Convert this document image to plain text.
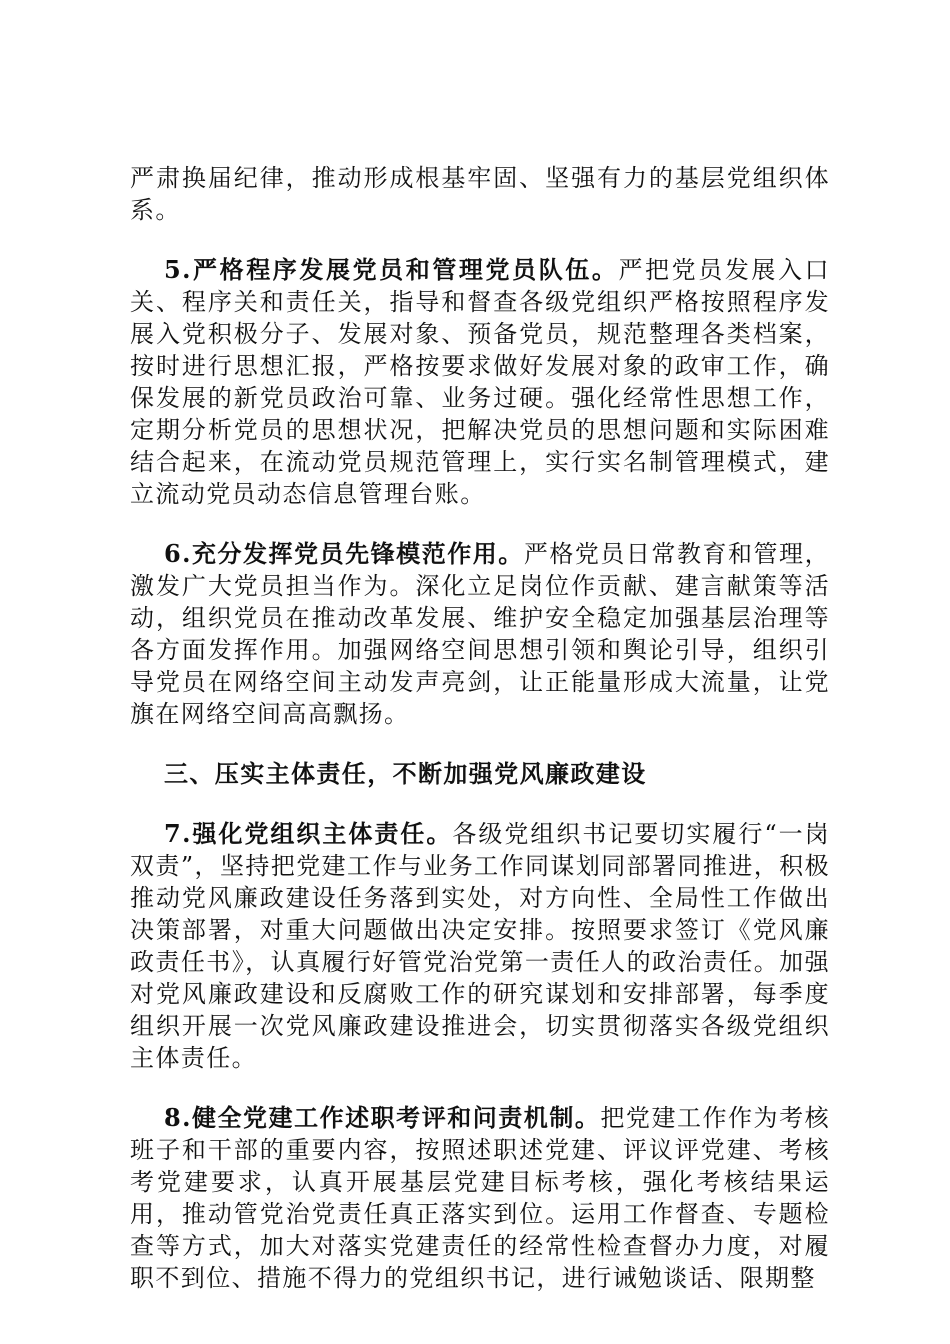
严肃换届纪律，推动形成根基牢固、坚强有力的基层党组织体系。

5.严格程序发展党员和管理党员队伍。严把党员发展入口关、程序关和责任关，指导和督查各级党组织严格按照程序发展入党积极分子、发展对象、预备党员，规范整理各类档案，按时进行思想汇报，严格按要求做好发展对象的政审工作，确保发展的新党员政治可靠、业务过硬。强化经常性思想工作，定期分析党员的思想状况，把解决党员的思想问题和实际困难结合起来，在流动党员规范管理上，实行实名制管理模式，建立流动党员动态信息管理台账。

6.充分发挥党员先锋模范作用。严格党员日常教育和管理，激发广大党员担当作为。深化立足岗位作贡献、建言献策等活动，组织党员在推动改革发展、维护安全稳定加强基层治理等各方面发挥作用。加强网络空间思想引领和舆论引导，组织引导党员在网络空间主动发声亮剑，让正能量形成大流量，让党旗在网络空间高高飘扬。

三、压实主体责任，不断加强党风廉政建设

7.强化党组织主体责任。各级党组织书记要切实履行“一岗双责”，坚持把党建工作与业务工作同谋划同部署同推进，积极推动党风廉政建设任务落到实处，对方向性、全局性工作做出决策部署，对重大问题做出决定安排。按照要求签订《党风廉政责任书》，认真履行好管党治党第一责任人的政治责任。加强对党风廉政建设和反腐败工作的研究谋划和安排部署，每季度组织开展一次党风廉政建设推进会，切实贯彻落实各级党组织主体责任。

8.健全党建工作述职考评和问责机制。把党建工作作为考核班子和干部的重要内容，按照述职述党建、评议评党建、考核考党建要求，认真开展基层党建目标考核，强化考核结果运用，推动管党治党责任真正落实到位。运用工作督查、专题检查等方式，加大对落实党建责任的经常性检查督办力度，对履职不到位、措施不得力的党组织书记，进行诫勉谈话、限期整
